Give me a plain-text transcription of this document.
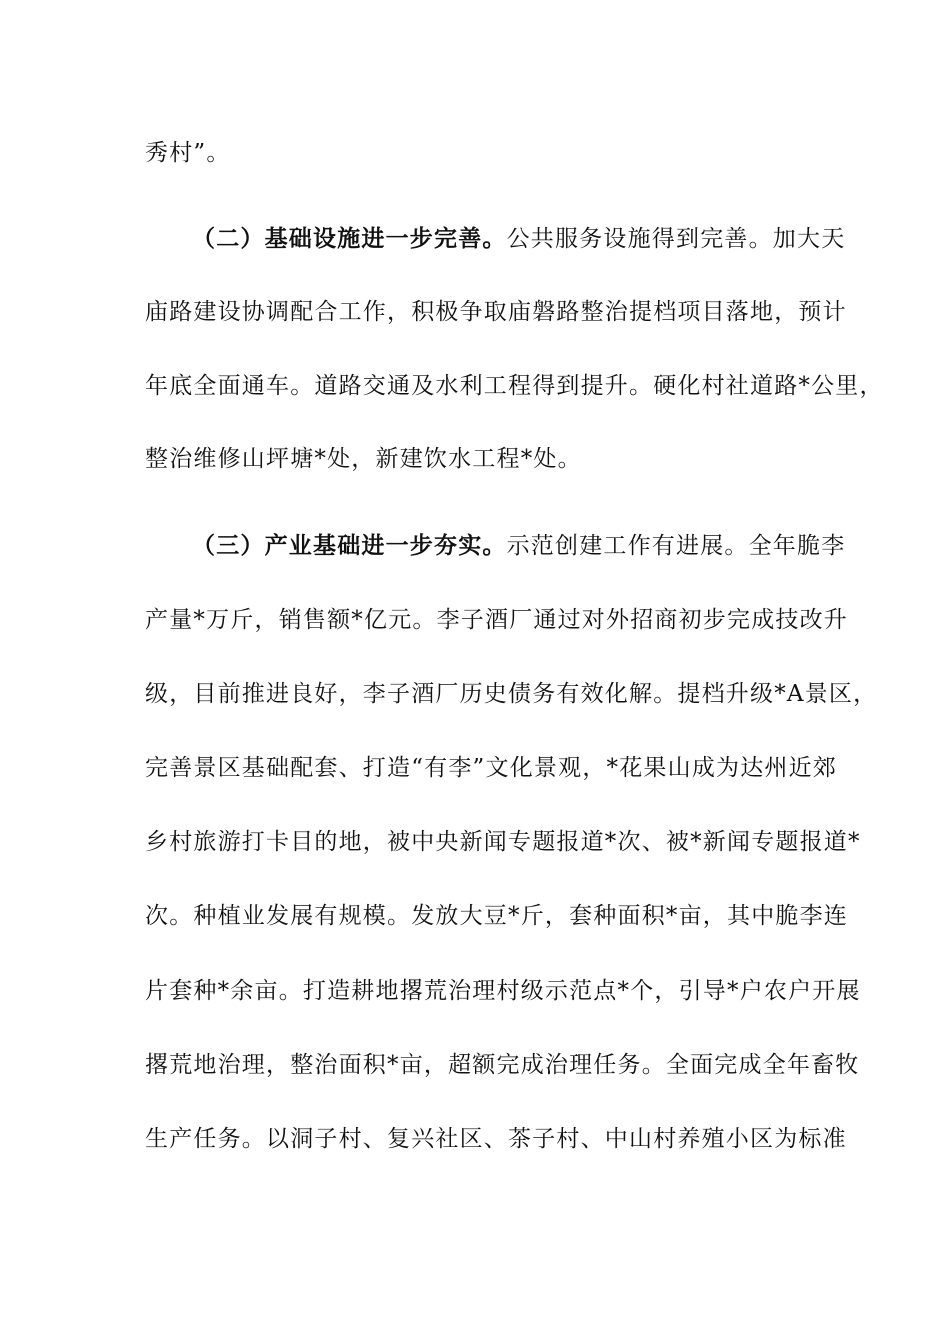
秀村”。
（二）基础设施进一步完善。公共服务设施得到完善。加大天
庙路建设协调配合工作，积极争取庙磐路整治提档项目落地，预计
年底全面通车。道路交通及水利工程得到提升。硬化村社道路*公里，
整治维修山坪塘*处，新建饮水工程*处。
（三）产业基础进一步夯实。示范创建工作有进展。全年脆李
产量*万斤，销售额*亿元。李子酒厂通过对外招商初步完成技改升
级，目前推进良好，李子酒厂历史债务有效化解。提档升级*A景区，
完善景区基础配套、打造“有李”文化景观，*花果山成为达州近郊
乡村旅游打卡目的地，被中央新闻专题报道*次、被*新闻专题报道*
次。种植业发展有规模。发放大豆*斤，套种面积*亩，其中脆李连
片套种*余亩。打造耕地撂荒治理村级示范点*个，引导*户农户开展
撂荒地治理，整治面积*亩，超额完成治理任务。全面完成全年畜牧
生产任务。以洞子村、复兴社区、茶子村、中山村养殖小区为标准
